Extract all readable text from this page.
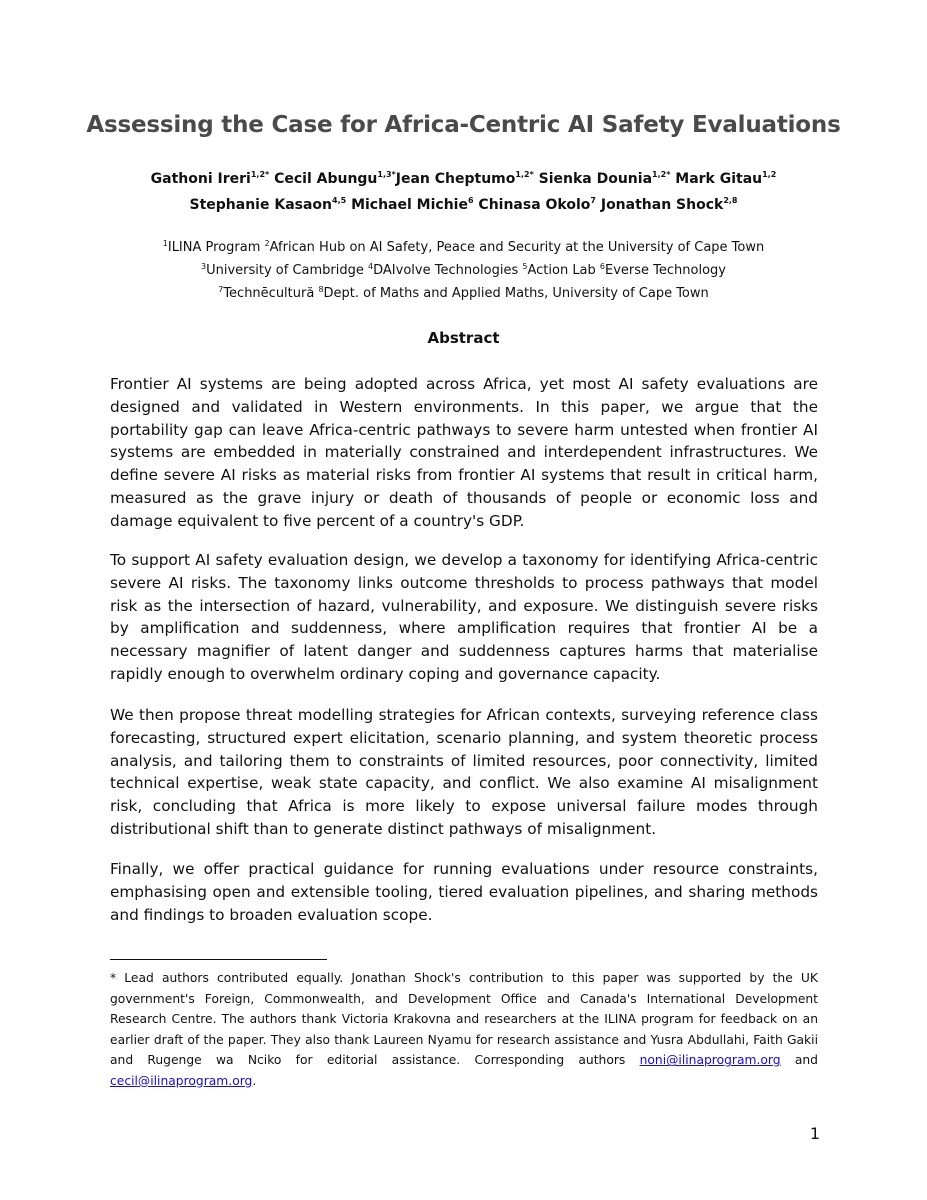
Assessing the Case for Africa-Centric AI Safety Evaluations
Gathoni Ireri$^{1,2*}$ Cecil Abungu$^{1,3*}$Jean Cheptumo$^{1,2*}$ Sienka Dounia$^{1,2*}$ Mark Gitau$^{1,2}$ Stephanie Kasaon$^{4,5}$ Michael Michie$^6$ Chinasa Okolo$^7$ Jonathan Shock$^{2,8}$
$^1$ILINA Program $^2$African Hub on AI Safety, Peace and Security at the University of Cape Town
$^3$University of Cambridge $^4$DAIvolve Technologies $^5$Action Lab $^6$Everse Technology
$^7$Technēcultură $^8$Dept. of Maths and Applied Maths, University of Cape Town
Abstract

Frontier AI systems are being adopted across Africa, yet most AI safety evaluations are designed and validated in Western environments. In this paper, we argue that the portability gap can leave Africa-centric pathways to severe harm untested when frontier AI systems are embedded in materially constrained and interdependent infrastructures. We define severe AI risks as material risks from frontier AI systems that result in critical harm, measured as the grave injury or death of thousands of people or economic loss and damage equivalent to five percent of a country's GDP.

To support AI safety evaluation design, we develop a taxonomy for identifying Africa-centric severe AI risks. The taxonomy links outcome thresholds to process pathways that model risk as the intersection of hazard, vulnerability, and exposure. We distinguish severe risks by amplification and suddenness, where amplification requires that frontier AI be a necessary magnifier of latent danger and suddenness captures harms that materialise rapidly enough to overwhelm ordinary coping and governance capacity.

We then propose threat modelling strategies for African contexts, surveying reference class forecasting, structured expert elicitation, scenario planning, and system theoretic process analysis, and tailoring them to constraints of limited resources, poor connectivity, limited technical expertise, weak state capacity, and conflict. We also examine AI misalignment risk, concluding that Africa is more likely to expose universal failure modes through distributional shift than to generate distinct pathways of misalignment.

Finally, we offer practical guidance for running evaluations under resource constraints, emphasising open and extensible tooling, tiered evaluation pipelines, and sharing methods and findings to broaden evaluation scope.

* Lead authors contributed equally. Jonathan Shock's contribution to this paper was supported by the UK government's Foreign, Commonwealth, and Development Office and Canada's International Development Research Centre. The authors thank Victoria Krakovna and researchers at the ILINA program for feedback on an earlier draft of the paper. They also thank Laureen Nyamu for research assistance and Yusra Abdullahi, Faith Gakii and Rugenge wa Nciko for editorial assistance. Corresponding authors noni@ilinaprogram.org and cecil@ilinaprogram.org.

1
